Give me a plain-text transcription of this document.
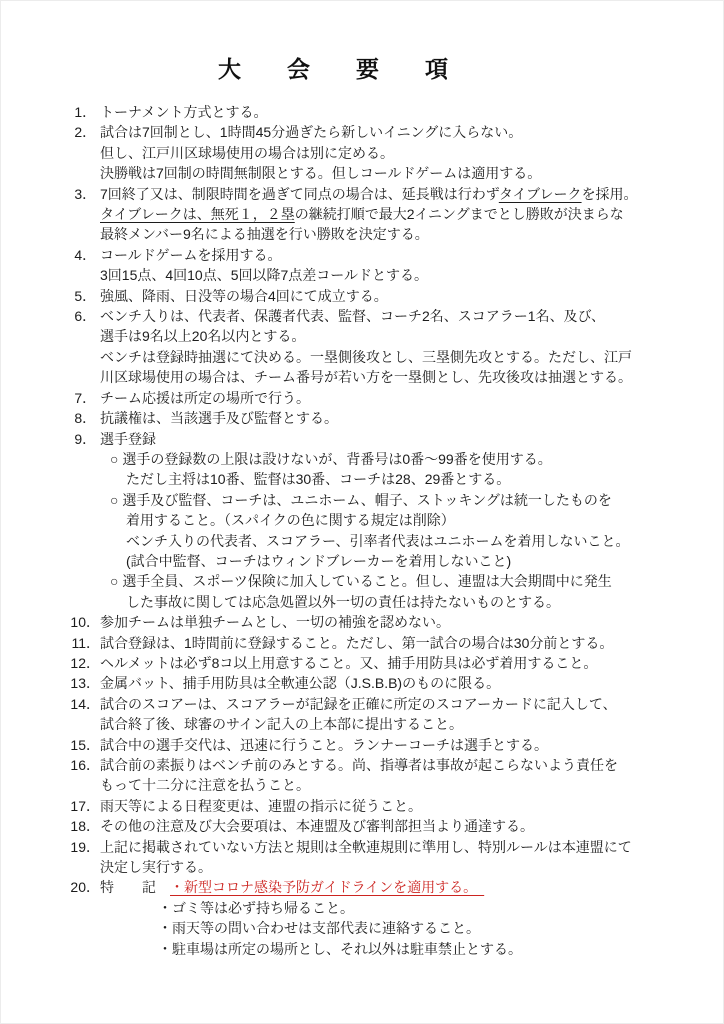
大　　会　　要　　項
1． トーナメント方式とする。
2． 試合は7回制とし、1時間45分過ぎたら新しいイニングに入らない。
但し、江戸川区球場使用の場合は別に定める。
決勝戦は7回制の時間無制限とする。但しコールドゲームは適用する。
3． 7回終了又は、制限時間を過ぎて同点の場合は、延長戦は行わずタイブレークを採用。
タイブレークは、無死１，２塁の継続打順で最大2イニングまでとし勝敗が決まらな
最終メンバー9名による抽選を行い勝敗を決定する。
4． コールドゲームを採用する。
3回15点、4回10点、5回以降7点差コールドとする。
5． 強風、降雨、日没等の場合4回にて成立する。
6． ベンチ入りは、代表者、保護者代表、監督、コーチ2名、スコアラー1名、及び、
選手は9名以上20名以内とする。
ベンチは登録時抽選にて決める。一塁側後攻とし、三塁側先攻とする。ただし、江戸
川区球場使用の場合は、チーム番号が若い方を一塁側とし、先攻後攻は抽選とする。
7． チーム応援は所定の場所で行う。
8． 抗議権は、当該選手及び監督とする。
9． 選手登録
○ 選手の登録数の上限は設けないが、背番号は0番～99番を使用する。
ただし主将は10番、監督は30番、コーチは28、29番とする。
○ 選手及び監督、コーチは、ユニホーム、帽子、ストッキングは統一したものを
着用すること。（スパイクの色に関する規定は削除）
ベンチ入りの代表者、スコアラー、引率者代表はユニホームを着用しないこと。
(試合中監督、コーチはウィンドブレーカーを着用しないこと)
○ 選手全員、スポーツ保険に加入していること。但し、連盟は大会期間中に発生
した事故に関しては応急処置以外一切の責任は持たないものとする。
10．参加チームは単独チームとし、一切の補強を認めない。
11．試合登録は、1時間前に登録すること。ただし、第一試合の場合は30分前とする。
12．ヘルメットは必ず8コ以上用意すること。又、捕手用防具は必ず着用すること。
13．金属バット、捕手用防具は全軟連公認（J.S.B.B)のものに限る。
14．試合のスコアーは、スコアラーが記録を正確に所定のスコアーカードに記入して、
試合終了後、球審のサイン記入の上本部に提出すること。
15．試合中の選手交代は、迅速に行うこと。ランナーコーチは選手とする。
16．試合前の素振りはベンチ前のみとする。尚、指導者は事故が起こらないよう責任を
もって十二分に注意を払うこと。
17．雨天等による日程変更は、連盟の指示に従うこと。
18．その他の注意及び大会要項は、本連盟及び審判部担当より通達する。
19．上記に掲載されていない方法と規則は全軟連規則に準用し、特別ルールは本連盟にて
決定し実行する。
20．特　　記　・新型コロナ感染予防ガイドラインを適用する。　
・ゴミ等は必ず持ち帰ること。
・雨天等の問い合わせは支部代表に連絡すること。
・駐車場は所定の場所とし、それ以外は駐車禁止とする。
